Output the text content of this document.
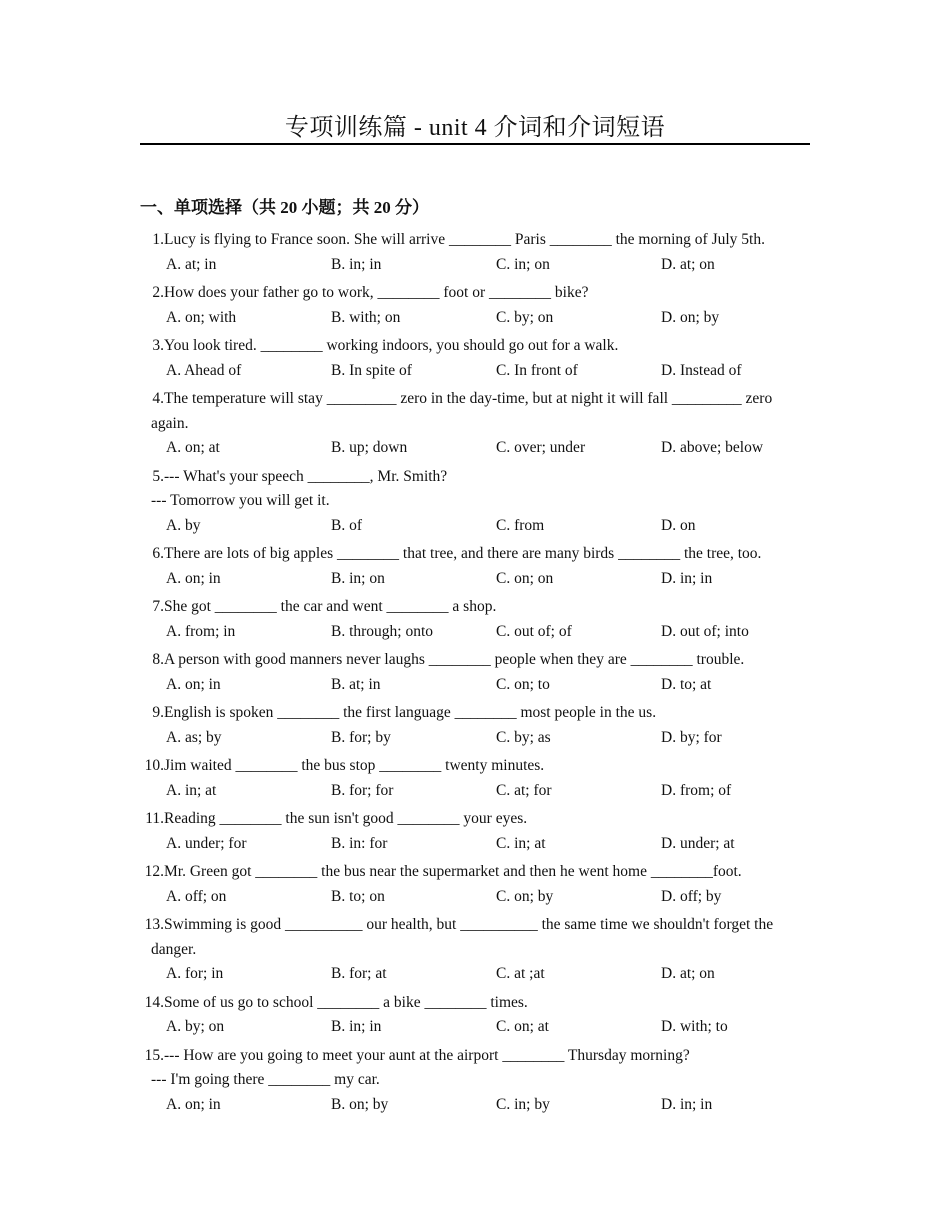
专项训练篇 - unit 4 介词和介词短语
一、单项选择（共 20 小题；共 20 分）
1. Lucy is flying to France soon. She will arrive ________ Paris ________ the morning of July 5th.
A. at; in	B. in; in	C. in; on	D. at; on
2. How does your father go to work, ________ foot or ________ bike?
A. on; with	B. with; on	C. by; on	D. on; by
3. You look tired. ________ working indoors, you should go out for a walk.
A. Ahead of	B. In spite of	C. In front of	D. Instead of
4. The temperature will stay _________ zero in the day-time, but at night it will fall _________ zero
again.
A. on; at	B. up; down	C. over; under	D. above; below
5. --- What's your speech ________, Mr. Smith?
--- Tomorrow you will get it.
A. by	B. of	C. from	D. on
6. There are lots of big apples ________ that tree, and there are many birds ________ the tree, too.
A. on; in	B. in; on	C. on; on	D. in; in
7. She got ________ the car and went ________ a shop.
A. from; in	B. through; onto	C. out of; of	D. out of; into
8. A person with good manners never laughs ________ people when they are ________ trouble.
A. on; in	B. at; in	C. on; to	D. to; at
9. English is spoken ________ the first language ________ most people in the us.
A. as; by	B. for; by	C. by; as	D. by; for
10. Jim waited ________ the bus stop ________ twenty minutes.
A. in; at	B. for; for	C. at; for	D. from; of
11. Reading ________ the sun isn't good ________ your eyes.
A. under; for	B. in: for	C. in; at	D. under; at
12. Mr. Green got ________ the bus near the supermarket and then he went home ________foot.
A. off; on	B. to; on	C. on; by	D. off; by
13. Swimming is good __________ our health, but __________ the same time we shouldn't forget the
danger.
A. for; in	B. for; at	C. at ;at	D. at; on
14. Some of us go to school ________ a bike ________ times.
A. by; on	B. in; in	C. on; at	D. with; to
15. --- How are you going to meet your aunt at the airport ________ Thursday morning?
--- I'm going there ________ my car.
A. on; in	B. on; by	C. in; by	D. in; in
